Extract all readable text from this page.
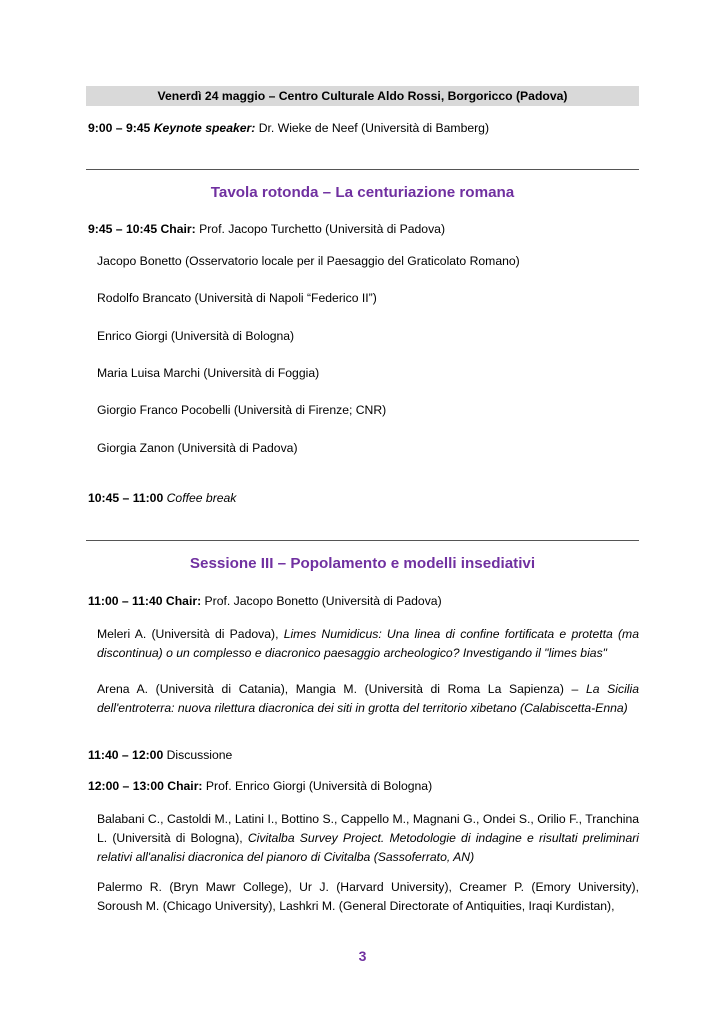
Venerdì 24 maggio – Centro Culturale Aldo Rossi, Borgoricco (Padova)
9:00 – 9:45 Keynote speaker: Dr. Wieke de Neef (Università di Bamberg)
Tavola rotonda – La centuriazione romana
9:45 – 10:45 Chair: Prof. Jacopo Turchetto (Università di Padova)
Jacopo Bonetto (Osservatorio locale per il Paesaggio del Graticolato Romano)
Rodolfo Brancato (Università di Napoli “Federico II”)
Enrico Giorgi (Università di Bologna)
Maria Luisa Marchi (Università di Foggia)
Giorgio Franco Pocobelli (Università di Firenze; CNR)
Giorgia Zanon (Università di Padova)
10:45 – 11:00 Coffee break
Sessione III – Popolamento e modelli insediativi
11:00 – 11:40 Chair: Prof. Jacopo Bonetto (Università di Padova)
Meleri A. (Università di Padova), Limes Numidicus: Una linea di confine fortificata e protetta (ma discontinua) o un complesso e diacronico paesaggio archeologico? Investigando il "limes bias"
Arena A. (Università di Catania), Mangia M. (Università di Roma La Sapienza) – La Sicilia dell'entroterra: nuova rilettura diacronica dei siti in grotta del territorio xibetano (Calabiscetta-Enna)
11:40 – 12:00 Discussione
12:00 – 13:00 Chair: Prof. Enrico Giorgi (Università di Bologna)
Balabani C., Castoldi M., Latini I., Bottino S., Cappello M., Magnani G., Ondei S., Orilio F., Tranchina L. (Università di Bologna), Civitalba Survey Project. Metodologie di indagine e risultati preliminari relativi all'analisi diacronica del pianoro di Civitalba (Sassoferrato, AN)
Palermo R. (Bryn Mawr College), Ur J. (Harvard University), Creamer P. (Emory University), Soroush M. (Chicago University), Lashkri M. (General Directorate of Antiquities, Iraqi Kurdistan),
3
